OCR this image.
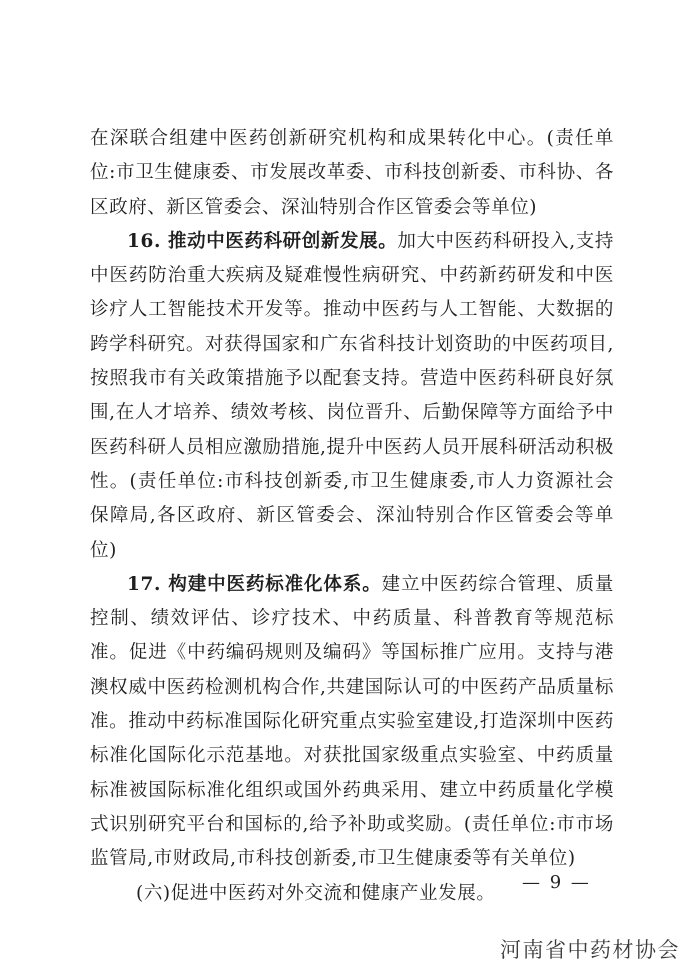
在深联合组建中医药创新研究机构和成果转化中心。(责任单位:市卫生健康委、市发展改革委、市科技创新委、市科协、各区政府、新区管委会、深汕特别合作区管委会等单位)

16. 推动中医药科研创新发展。加大中医药科研投入,支持中医药防治重大疾病及疑难慢性病研究、中药新药研发和中医诊疗人工智能技术开发等。推动中医药与人工智能、大数据的跨学科研究。对获得国家和广东省科技计划资助的中医药项目,按照我市有关政策措施予以配套支持。营造中医药科研良好氛围,在人才培养、绩效考核、岗位晋升、后勤保障等方面给予中医药科研人员相应激励措施,提升中医药人员开展科研活动积极性。(责任单位:市科技创新委,市卫生健康委,市人力资源社会保障局,各区政府、新区管委会、深汕特别合作区管委会等单位)

17. 构建中医药标准化体系。建立中医药综合管理、质量控制、绩效评估、诊疗技术、中药质量、科普教育等规范标准。促进《中药编码规则及编码》等国标推广应用。支持与港澳权威中医药检测机构合作,共建国际认可的中医药产品质量标准。推动中药标准国际化研究重点实验室建设,打造深圳中医药标准化国际化示范基地。对获批国家级重点实验室、中药质量标准被国际标准化组织或国外药典采用、建立中药质量化学模式识别研究平台和国标的,给予补助或奖励。(责任单位:市市场监管局,市财政局,市科技创新委,市卫生健康委等有关单位)

(六)促进中医药对外交流和健康产业发展。

— 9 —
河南省中药材协会
